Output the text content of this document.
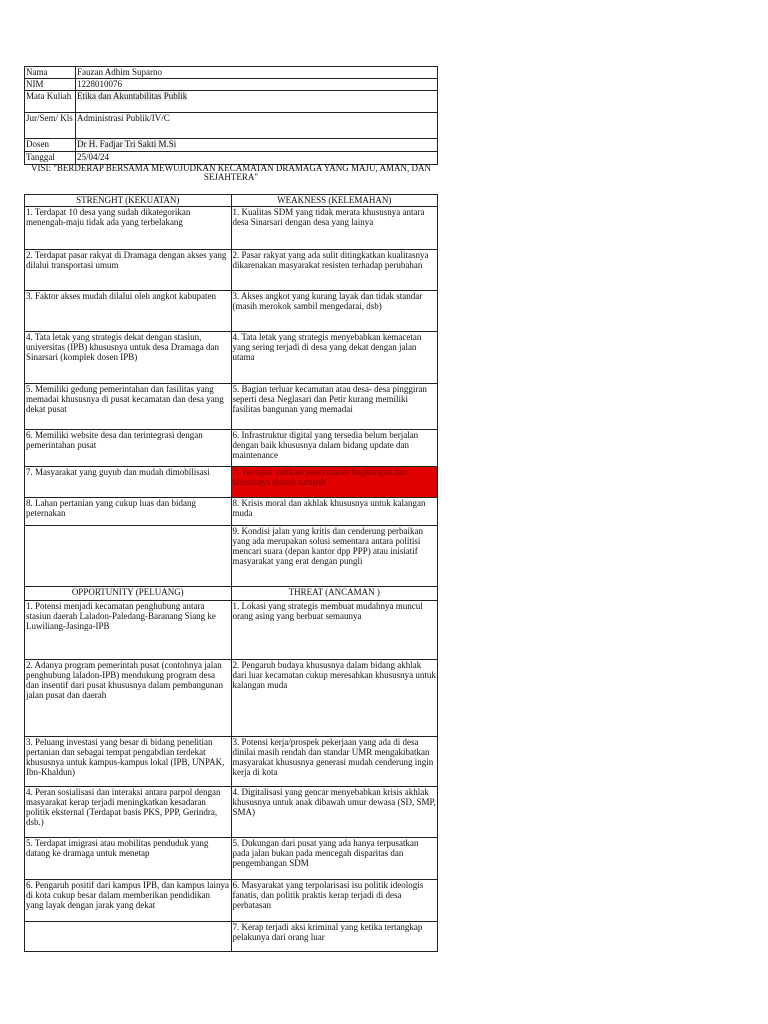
Nama	Fauzan Adhim Suparno
NIM	1228010076
Mata Kuliah	Etika dan Akuntabilitas Publik
Jur/Sem/ Kls	Administrasi Publik/IV/C
Dosen	Dr H. Fadjar Tri Sakti M.Si
Tanggal	25/04/24
VISI: "BERDERAP BERSAMA MEWUJUDKAN KECAMATAN DRAMAGA YANG MAJU, AMAN, DAN SEJAHTERA"
STRENGHT (KEKUATAN)	WEAKNESS (KELEMAHAN)
1. Terdapat 10 desa yang sudah dikategorikan menengah-maju tidak ada yang terbelakang	1. Kualitas SDM yang tidak merata khususnya antara desa Sinarsari dengan desa yang lainya
2. Terdapat pasar rakyat di Dramaga dengan akses yang dilalui transportasi umum	2. Pasar rakyat yang ada sulit ditingkatkan kualitasnya dikarenakan masyarakat resisten terhadap perubahan
3. Faktor akses mudah dilalui oleh angkot kabupaten	3. Akses angkot yang kurang layak dan tidak standar (masih merokok sambil mengedarai, dsb)
4. Tata letak yang strategis dekat dengan stasiun, universitas (IPB) khususnya untuk desa Dramaga dan Sinarsari (komplek dosen IPB)	4. Tata letak yang strategis menyebabkan kemacetan yang sering terjadi di desa yang dekat dengan jalan utama
5. Memiliki gedung pemerintahan dan fasilitas yang memadai khususnya di pusat kecamatan dan desa yang dekat pusat	5. Bagian terluar kecamatan atau desa- desa pinggiran seperti desa Neglasari dan Petir kurang memiliki fasilitas bangunan yang memadai
6. Memiliki website desa dan terintegrasi dengan pemerintahan pusat	6. Infrastruktur digital yang tersedia belum berjalan dengan baik khususnya dalam bidang update dan maintenance
7. Masyarakat yang guyub dan mudah dimobilisasi	7. Terdapat indikasi pencemaran lingkungan dan khususnya sistem sampah
8. Lahan pertanian yang cukup luas dan bidang peternakan	8. Krisis moral dan akhlak khususnya untuk kalangan muda
	9. Kondisi jalan yang kritis dan cenderung perbaikan yang ada merupakan solusi sementara antara politisi mencari suara (depan kantor dpp PPP) atau inisiatif masyarakat yang erat dengan pungli
OPPORTUNITY (PELUANG)	THREAT (ANCAMAN )
1. Potensi menjadi kecamatan penghubung antara stasiun daerah Laladon-Paledang-Baranang Siang ke Luwiliang-Jasinga-IPB	1. Lokasi yang strategis membuat mudahnya muncul orang asing yang berbuat semaunya
2. Adanya program pemerintah pusat (contohnya jalan penghubung laladon-IPB) mendukung program desa dan insentif dari pusat khususnya dalam pembangunan jalan pusat dan daerah	2. Pengaruh budaya khususnya dalam bidang akhlak dari luar kecamatan cukup meresahkan khususnya untuk kalangan muda
3. Peluang investasi yang besar di bidang penelitian pertanian dan sebagai tempat pengabdian terdekat khususnya untuk kampus-kampus lokal (IPB, UNPAK, Ibn-Khaldun)	3. Potensi kerja/prospek pekerjaan yang ada di desa dinilai masih rendah dan standar UMR mengakibatkan masyarakat khususnya generasi mudah cenderung ingin kerja di kota
4. Peran sosialisasi dan interaksi antara parpol dengan masyarakat kerap terjadi meningkatkan kesadaran politik eksternal (Terdapat basis PKS, PPP, Gerindra, dsb.)	4. Digitalisasi yang gencar menyebabkan krisis akhlak khususnya untuk anak dibawah umur dewasa (SD, SMP, SMA)
5. Terdapat imigrasi atau mobilitas penduduk yang datang ke dramaga untuk menetap	5. Dukungan dari pusat yang ada hanya terpusatkan pada jalan bukan pada mencegah disparitas dan pengembangan SDM
6. Pengaruh positif dari kampus IPB, dan kampus lainya di kota cukup besar dalam memberikan pendidikan yang layak dengan jarak yang dekat	6. Masyarakat yang terpolarisasi isu politik ideologis fanatis, dan politik praktis kerap terjadi di desa perbatasan
	7. Kerap terjadi aksi kriminal yang ketika tertangkap pelakunya dari orang luar
